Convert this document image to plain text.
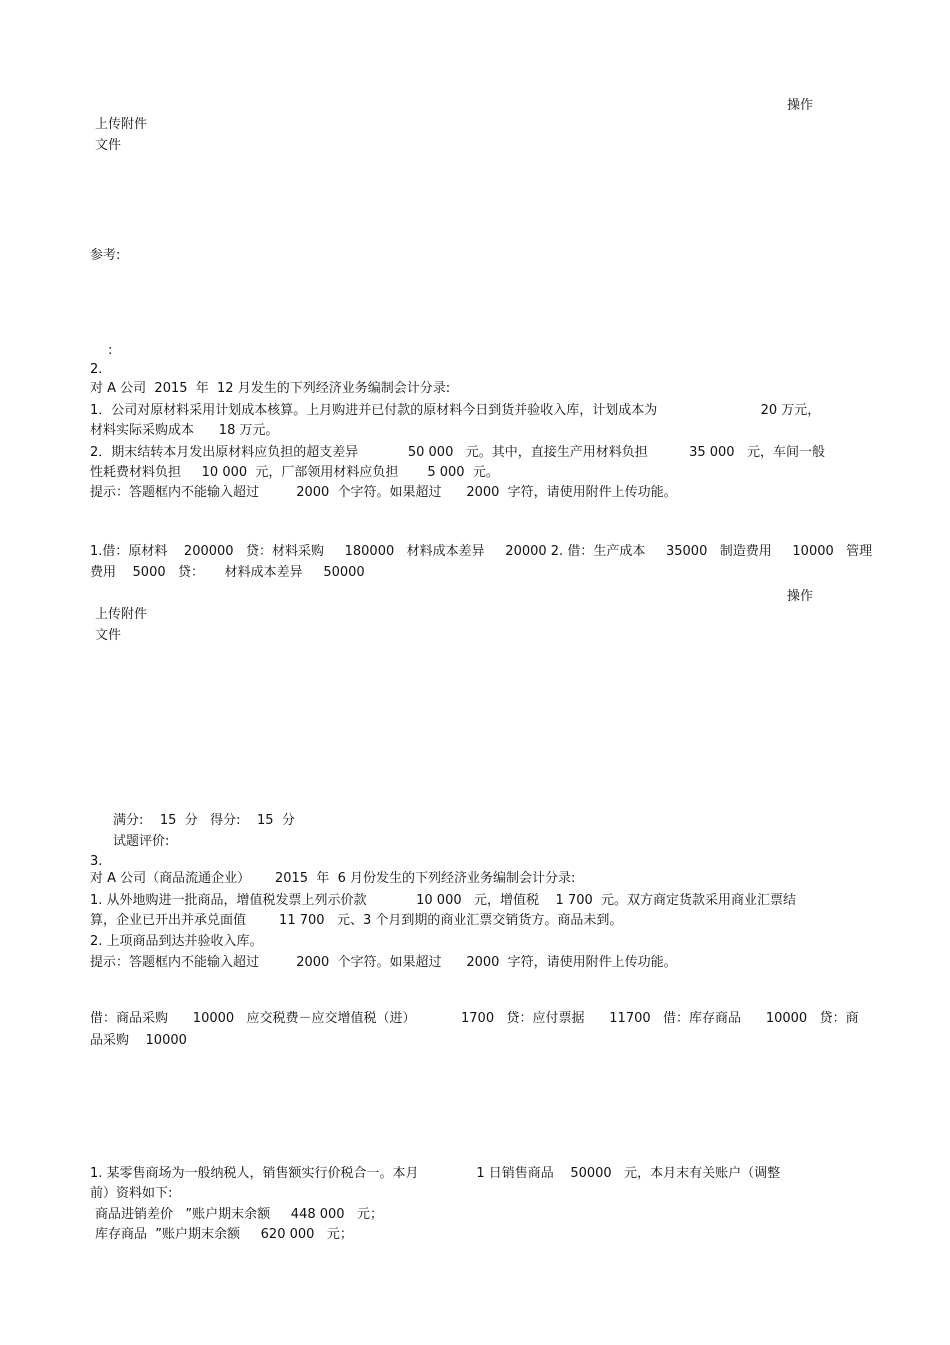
操作
上传附件
文件
参考:
:
2.
对 A 公司  2015  年  12 月发生的下列经济业务编制会计分录:
1．公司对原材料采用计划成本核算。上月购进并已付款的原材料今日到货并验收入库，计划成本为                         20 万元，
材料实际采购成本      18 万元。
2．期末结转本月发出原材料应负担的超支差异            50 000   元。其中，直接生产用材料负担          35 000   元，车间一般
性耗费材料负担     10 000  元，厂部领用材料应负担       5 000  元。
提示：答题框内不能输入超过         2000  个字符。如果超过      2000  字符，请使用附件上传功能。
1.借：原材料    200000   贷：材料采购     180000   材料成本差异     20000 2. 借：生产成本     35000   制造费用     10000   管理
费用    5000   贷：     材料成本差异     50000
操作
上传附件
文件
满分:    15  分   得分:    15  分
试题评价:
3.
对 A 公司（商品流通企业）      2015  年  6 月份发生的下列经济业务编制会计分录:
1. 从外地购进一批商品，增值税发票上列示价款            10 000   元，增值税    1 700  元。双方商定货款采用商业汇票结
算，企业已开出并承兑面值        11 700   元、3 个月到期的商业汇票交销货方。商品未到。
2. 上项商品到达并验收入库。
提示：答题框内不能输入超过         2000  个字符。如果超过      2000  字符，请使用附件上传功能。
借：商品采购      10000   应交税费－应交增值税（进）           1700   贷：应付票据      11700   借：库存商品      10000   贷：商
品采购    10000
1. 某零售商场为一般纳税人，销售额实行价税合一。本月              1 日销售商品    50000   元，本月末有关账户（调整
前）资料如下:
商品进销差价   ”账户期末余额     448 000   元；
库存商品  ”账户期末余额     620 000   元；
